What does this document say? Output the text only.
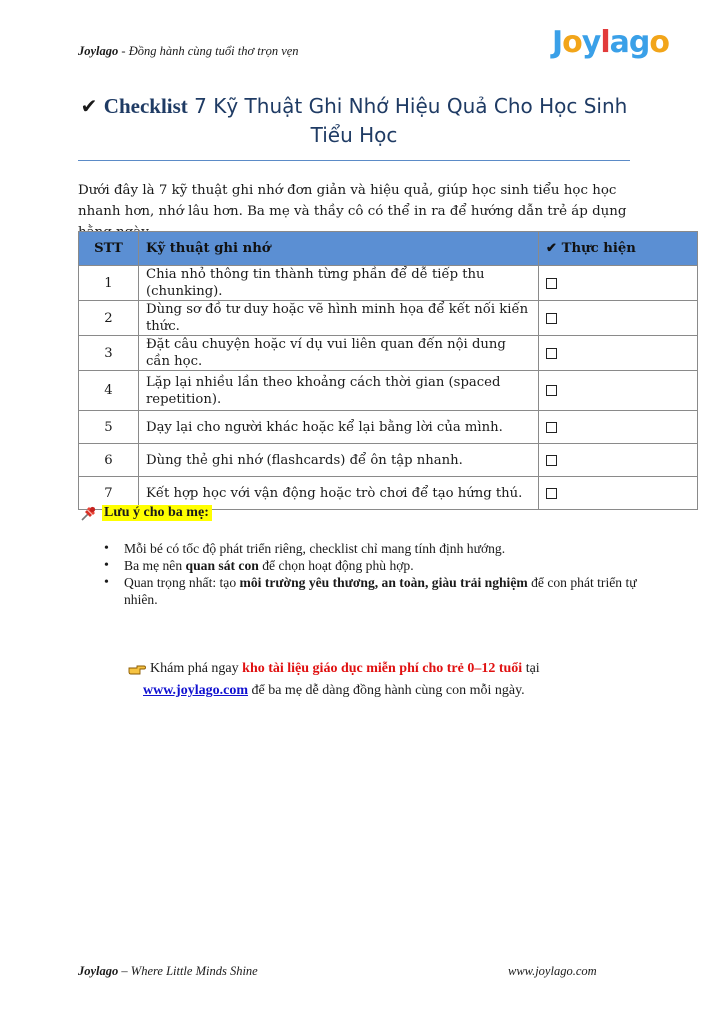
Joylago - Đồng hành cùng tuổi thơ trọn vẹn	J o y l a g o
✔ Checklist 7 Kỹ Thuật Ghi Nhớ Hiệu Quả Cho Học Sinh
Tiểu Học

Dưới đây là 7 kỹ thuật ghi nhớ đơn giản và hiệu quả, giúp học sinh tiểu học học nhanh hơn, nhớ lâu hơn. Ba mẹ và thầy cô có thể in ra để hướng dẫn trẻ áp dụng

STT	Kỹ thuật ghi nhớ	✔ Thực hiện
1	Chia nhỏ thông tin thành từng phần để dễ tiếp thu (chunking).	
2	Dùng sơ đồ tư duy hoặc vẽ hình minh họa để kết nối kiến thức.	
3	Đặt câu chuyện hoặc ví dụ vui liên quan đến nội dung cần học.	
4	Lặp lại nhiều lần theo khoảng cách thời gian (spaced repetition).	
5	Dạy lại cho người khác hoặc kể lại bằng lời của mình.	
6	Dùng thẻ ghi nhớ (flashcards) để ôn tập nhanh.	
7	Kết hợp học với vận động hoặc trò chơi để tạo hứng thú.	
Lưu ý cho ba mẹ:
• Mỗi bé có tốc độ phát triển riêng, checklist chỉ mang tính định hướng.
• Ba mẹ nên quan sát con để chọn hoạt động phù hợp.
• Quan trọng nhất: tạo môi trường yêu thương, an toàn, giàu trải nghiệm để con phát triển tự nhiên.
Khám phá ngay kho tài liệu giáo dục miễn phí cho trẻ 0–12 tuổi tại
www.joylago.com để ba mẹ dễ dàng đồng hành cùng con mỗi ngày.
Joylago – Where Little Minds Shine	www.joylago.com
